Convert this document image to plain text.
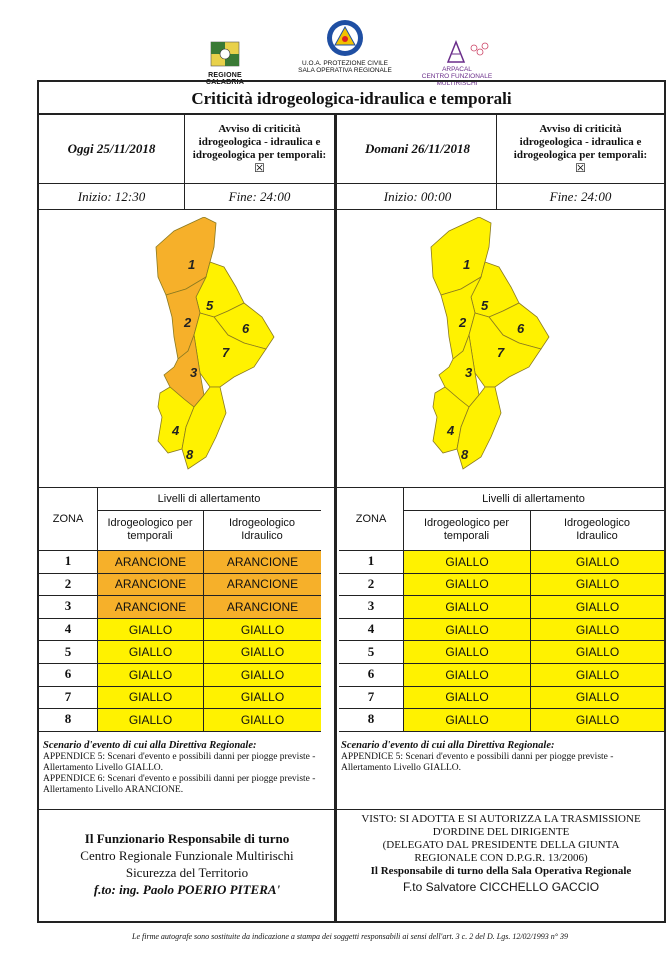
REGIONE CALABRIA
U.O.A. PROTEZIONE CIVILE
SALA OPERATIVA REGIONALE	ARPACAL
CENTRO FUNZIONALE MULTIRISCHI
Criticità idrogeologica-idraulica e temporali
Oggi 25/11/2018
Avviso di criticità
idrogeologica - idraulica e
idrogeologica per temporali:
☒
Inizio: 12:30	Fine: 24:00
Domani 26/11/2018
Avviso di criticità
idrogeologica - idraulica e
idrogeologica per temporali:
☒
Inizio: 00:00	Fine: 24:00
1
5
2	6
7
3
4
8
1
5
2	6
7
3
4
8
ZONA
Livelli di allertamento
Idrogeologico per temporali
Idrogeologico Idraulico
1	ARANCIONE	ARANCIONE
2	ARANCIONE	ARANCIONE
3	ARANCIONE	ARANCIONE
4	GIALLO	GIALLO
5	GIALLO	GIALLO
6	GIALLO	GIALLO
7	GIALLO	GIALLO
8	GIALLO	GIALLO
ZONA
Livelli di allertamento
Idrogeologico per temporali
Idrogeologico Idraulico
1	GIALLO	GIALLO
2	GIALLO	GIALLO
3	GIALLO	GIALLO
4	GIALLO	GIALLO
5	GIALLO	GIALLO
6	GIALLO	GIALLO
7	GIALLO	GIALLO
8	GIALLO	GIALLO
Scenario d'evento di cui alla Direttiva Regionale:
APPENDICE 5: Scenari d'evento e possibili danni per piogge previste - Allertamento Livello GIALLO.
APPENDICE 6: Scenari d'evento e possibili danni per piogge previste - Allertamento Livello ARANCIONE.
Scenario d'evento di cui alla Direttiva Regionale:
APPENDICE 5: Scenari d'evento e possibili danni per piogge previste - Allertamento Livello GIALLO.
Il Funzionario Responsabile di turno
Centro Regionale Funzionale Multirischi
Sicurezza del Territorio
f.to: ing. Paolo POERIO PITERA'
VISTO: SI ADOTTA E SI AUTORIZZA LA TRASMISSIONE
D'ORDINE DEL DIRIGENTE
(DELEGATO DAL PRESIDENTE DELLA GIUNTA
REGIONALE CON D.P.G.R. 13/2006)
Il Responsabile di turno della Sala Operativa Regionale
F.to Salvatore CICCHELLO GACCIO
Le firme autografe sono sostituite da indicazione a stampa dei soggetti responsabili ai sensi dell'art. 3 c. 2 del D. Lgs. 12/02/1993 n° 39
